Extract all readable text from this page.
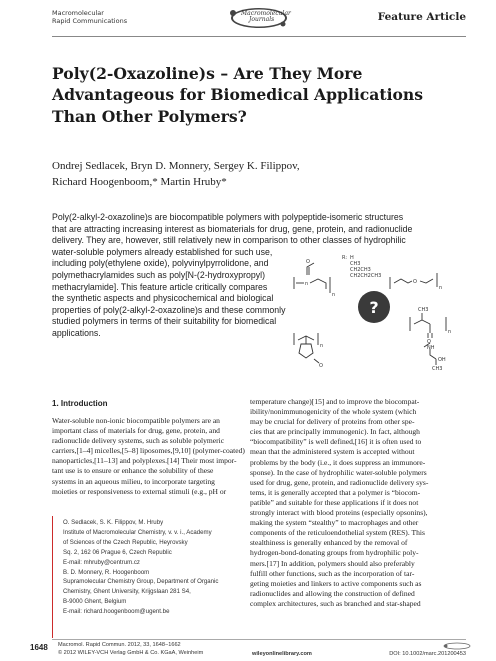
Macromolecular
Rapid Communications
Macromolecular
Journals	Feature Article
Poly(2-Oxazoline)s – Are They More
Advantageous for Biomedical Applications
Than Other Polymers?
Ondrej Sedlacek, Bryn D. Monnery, Sergey K. Filippov,
Richard Hoogenboom,* Martin Hruby*
Poly(2-alkyl-2-oxazoline)s are biocompatible polymers with polypeptide-isomeric structures
that are attracting increasing interest as biomaterials for drug, gene, protein, and radionuclide
delivery. They are, however, still relatively new in comparison to other classes of hydrophilic
water-soluble polymers already established for such use,
including poly(ethylene oxide), polyvinylpyrrolidone, and
polymethacrylamides such as poly[N-(2-hydroxypropyl)
methacrylamide]. This feature article critically compares
the synthetic aspects and physicochemical and biological
properties of poly(2-alkyl-2-oxazoline)s and these commonly
studied polymers in terms of their suitability for biomedical
applications.
?
n
O
n
R: H
CH3
CH2CH3
CH2CH2CH3
O
n
n
O
CH3
n
O
NH
OH
CH3
1. Introduction
Water-soluble non-ionic biocompatible polymers are an
important class of materials for drug, gene, protein, and
radionuclide delivery systems, such as soluble polymeric
carriers,[1–4] micelles,[5–8] liposomes,[9,10] (polymer-coated)
nanoparticles,[11–13] and polyplexes.[14] Their most impor-
tant use is to ensure or enhance the solubility of these
systems in an aqueous milieu, to incorporate targeting
moieties or responsiveness to external stimuli (e.g., pH or
O. Sedlacek, S. K. Filippov, M. Hruby
Institute of Macromolecular Chemistry, v. v. i., Academy
of Sciences of the Czech Republic, Heyrovsky
Sq. 2, 162 06 Prague 6, Czech Republic
E-mail: mhruby@centrum.cz
B. D. Monnery, R. Hoogenboom
Supramolecular Chemistry Group, Department of Organic
Chemistry, Ghent University, Krijgslaan 281 S4,
B-9000 Ghent, Belgium
E-mail: richard.hoogenboom@ugent.be
temperature change)[15] and to improve the biocompat-
ibility/nonimmunogenicity of the whole system (which
may be crucial for delivery of proteins from other spe-
cies that are principally immunogenic). In fact, although
“biocompatibility” is well defined,[16] it is often used to
mean that the administered system is accepted without
problems by the body (i.e., it does suppress an immunore-
sponse). In the case of hydrophilic water-soluble polymers
used for drug, gene, protein, and radionuclide delivery sys-
tems, it is generally accepted that a polymer is “biocom-
patible” and suitable for these applications if it does not
strongly interact with blood proteins (especially opsonins),
making the system “stealthy” to macrophages and other
components of the reticuloendothelial system (RES). This
stealthiness is generally enhanced by the removal of
hydrogen-bond-donating groups from hydrophilic poly-
mers.[17] In addition, polymers should also preferably
fulfill other functions, such as the incorporation of tar-
geting moieties and linkers to active components such as
radionuclides and allowing the construction of defined
complex architectures, such as branched and star-shaped
1648 Macromol. Rapid Commun. 2012, 33, 1648−1662
© 2012 WILEY-VCH Verlag GmbH & Co. KGaA, Weinheim	wileyonlinelibrary.com	DOI: 10.1002/marc.201200453
